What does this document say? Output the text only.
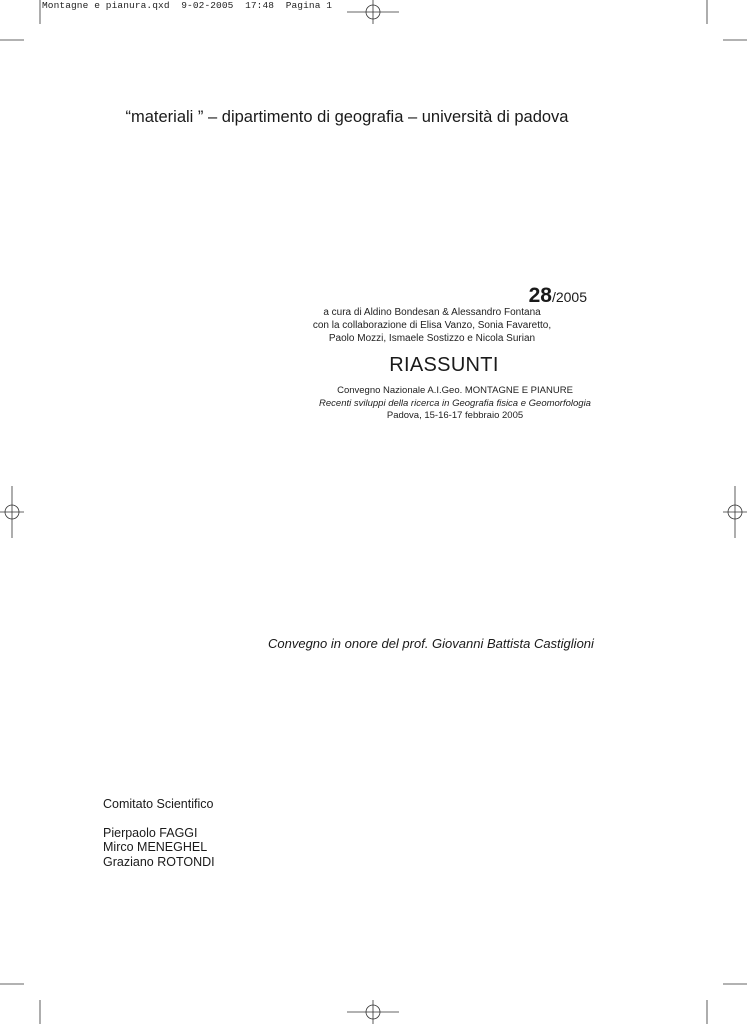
Montagne e pianura.qxd 9-02-2005 17:48 Pagina 1
“materiali ” – dipartimento di geografia – università di padova
28/2005
a cura di Aldino Bondesan & Alessandro Fontana
con la collaborazione di Elisa Vanzo, Sonia Favaretto,
Paolo Mozzi, Ismaele Sostizzo e Nicola Surian
RIASSUNTI
Convegno Nazionale A.I.Geo. MONTAGNE E PIANURE
Recenti sviluppi della ricerca in Geografia fisica e Geomorfologia
Padova, 15-16-17 febbraio 2005
Convegno in onore del prof. Giovanni Battista Castiglioni
Comitato Scientifico
Pierpaolo FAGGI
Mirco MENEGHEL
Graziano ROTONDI
